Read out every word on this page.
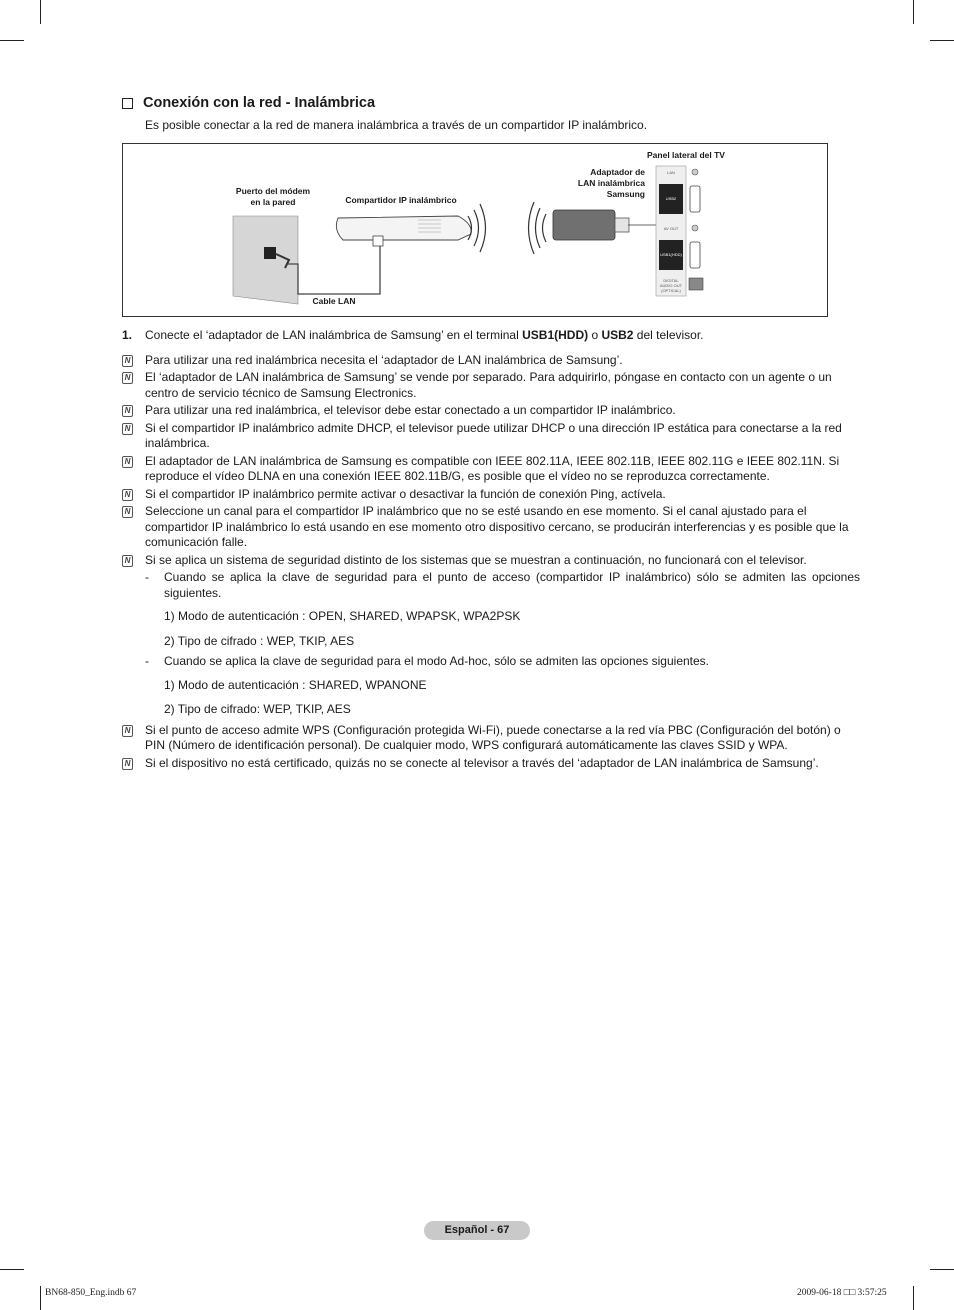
Conexión con la red - Inalámbrica

Es posible conectar a la red de manera inalámbrica a través de un compartidor IP inalámbrico.

Puerto del módem
en la pared	Compartidor IP inalámbrico
Cable LAN
Adaptador de
LAN inalámbrica
Samsung
Panel lateral del TV
LAN
USB2
AV OUT
USB1(HDD)
DIGITAL AUDIO OUT (OPTICAL)
1.	Conecte el ‘adaptador de LAN inalámbrica de Samsung’ en el terminal USB1(HDD) o USB2 del televisor.
N	Para utilizar una red inalámbrica necesita el ‘adaptador de LAN inalámbrica de Samsung’.
N	El ‘adaptador de LAN inalámbrica de Samsung’ se vende por separado. Para adquirirlo, póngase en contacto con un agente o un centro de servicio técnico de Samsung Electronics.
N	Para utilizar una red inalámbrica, el televisor debe estar conectado a un compartidor IP inalámbrico.
N	Si el compartidor IP inalámbrico admite DHCP, el televisor puede utilizar DHCP o una dirección IP estática para conectarse a la red inalámbrica.
N	El adaptador de LAN inalámbrica de Samsung es compatible con IEEE 802.11A, IEEE 802.11B, IEEE 802.11G e IEEE 802.11N. Si reproduce el vídeo DLNA en una conexión IEEE 802.11B/G, es posible que el vídeo no se reproduzca correctamente.
N	Si el compartidor IP inalámbrico permite activar o desactivar la función de conexión Ping, actívela.
N	Seleccione un canal para el compartidor IP inalámbrico que no se esté usando en ese momento. Si el canal ajustado para el compartidor IP inalámbrico lo está usando en ese momento otro dispositivo cercano, se producirán interferencias y es posible que la comunicación falle.
N	Si se aplica un sistema de seguridad distinto de los sistemas que se muestran a continuación, no funcionará con el televisor.
-	Cuando se aplica la clave de seguridad para el punto de acceso (compartidor IP inalámbrico) sólo se admiten las opciones siguientes.
1) Modo de autenticación : OPEN, SHARED, WPAPSK, WPA2PSK
2) Tipo de cifrado : WEP, TKIP, AES
-	Cuando se aplica la clave de seguridad para el modo Ad-hoc, sólo se admiten las opciones siguientes.
1) Modo de autenticación : SHARED, WPANONE
2) Tipo de cifrado: WEP, TKIP, AES
N	Si el punto de acceso admite WPS (Configuración protegida Wi-Fi), puede conectarse a la red vía PBC (Configuración del botón) o PIN (Número de identificación personal). De cualquier modo, WPS configurará automáticamente las claves SSID y WPA.
N	Si el dispositivo no está certificado, quizás no se conecte al televisor a través del ‘adaptador de LAN inalámbrica de Samsung’.
Español - 67
BN68-850_Eng.indb 67	2009-06-18 □□ 3:57:25
